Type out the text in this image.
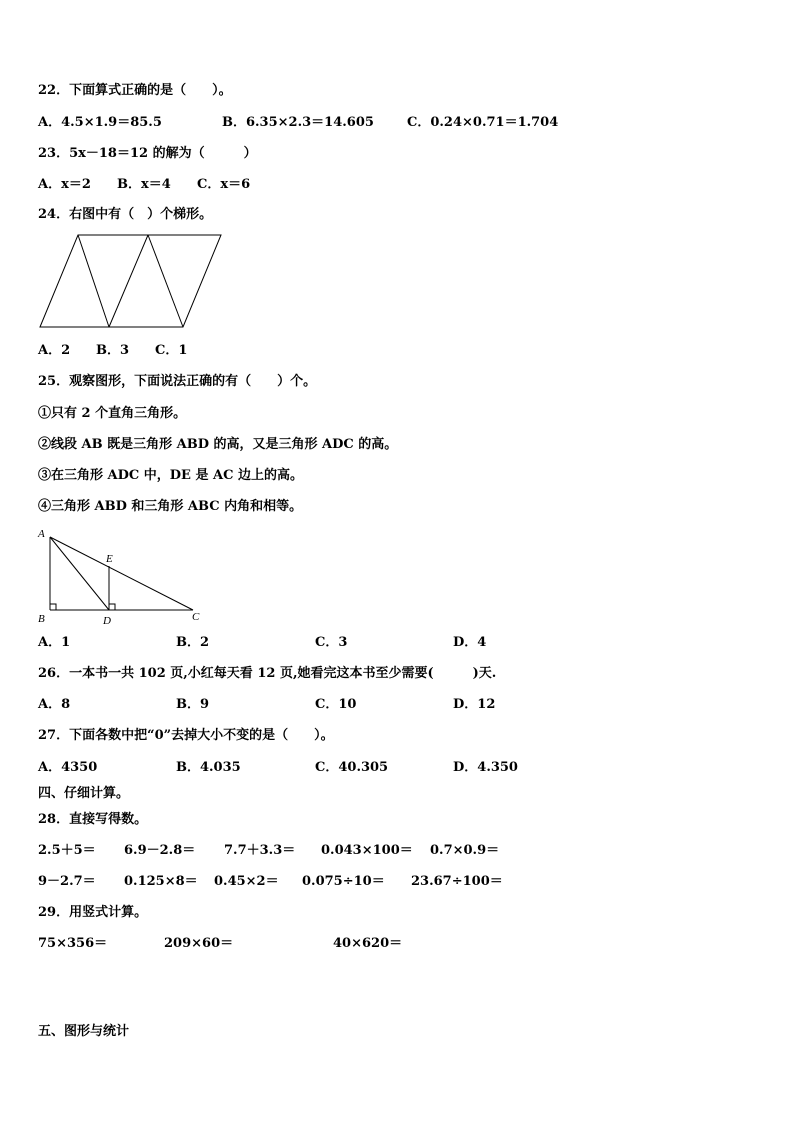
22．下面算式正确的是（　　）。
A．4.5×1.9＝85.5	B．6.35×2.3＝14.605	C．0.24×0.71＝1.704
23．5x－18＝12 的解为（　　　）
A．x＝2 B．x＝4 C．x＝6
24．右图中有（　）个梯形。
A．2 B．3 C．1
25．观察图形，下面说法正确的有（　　）个。
①只有 2 个直角三角形。
②线段 AB 既是三角形 ABD 的高，又是三角形 ADC 的高。
③在三角形 ADC 中，DE 是 AC 边上的高。
④三角形 ABD 和三角形 ABC 内角和相等。
A
E
B	D	C
A．1	B．2	C．3	D．4
26．一本书一共 102 页,小红每天看 12 页,她看完这本书至少需要(　　　)天.
A．8	B．9	C．10	D．12
27．下面各数中把“0”去掉大小不变的是（　　）。
A．4350	B．4.035	C．40.305	D．4.350
四、仔细计算。
28．直接写得数。
2.5＋5＝ 6.9－2.8＝ 7.7＋3.3＝ 0.043×100＝ 0.7×0.9＝
9－2.7＝ 0.125×8＝ 0.45×2＝ 0.075÷10＝ 23.67÷100＝
29．用竖式计算。
75×356＝	209×60＝	40×620＝
五、图形与统计
